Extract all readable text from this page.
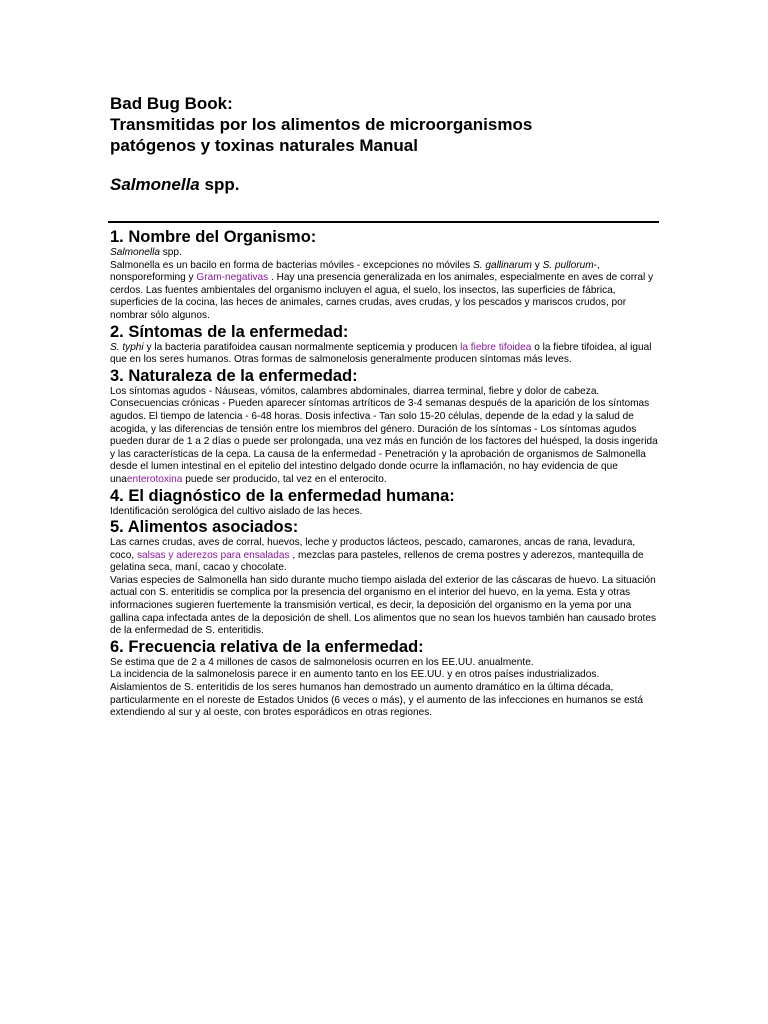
Bad Bug Book:
Transmitidas por los alimentos de microorganismos
patógenos y toxinas naturales Manual
Salmonella spp.
1. Nombre del Organismo:

Salmonella spp.

Salmonella es un bacilo en forma de bacterias móviles - excepciones no móviles S. gallinarum y S. pullorum-, nonsporeforming y Gram-negativas . Hay una presencia generalizada en los animales, especialmente en aves de corral y cerdos. Las fuentes ambientales del organismo incluyen el agua, el suelo, los insectos, las superficies de fábrica, superficies de la cocina, las heces de animales, carnes crudas, aves crudas, y los pescados y mariscos crudos, por nombrar sólo algunos.

2. Síntomas de la enfermedad:

S. typhi y la bacteria paratifoidea causan normalmente septicemia y producen la fiebre tifoidea o la fiebre tifoidea, al igual que en los seres humanos. Otras formas de salmonelosis generalmente producen síntomas más leves.

3. Naturaleza de la enfermedad:

Los síntomas agudos - Náuseas, vómitos, calambres abdominales, diarrea terminal, fiebre y dolor de cabeza. Consecuencias crónicas - Pueden aparecer síntomas artríticos de 3-4 semanas después de la aparición de los síntomas agudos. El tiempo de latencia - 6-48 horas. Dosis infectiva - Tan solo 15-20 células, depende de la edad y la salud de acogida, y las diferencias de tensión entre los miembros del género. Duración de los síntomas - Los síntomas agudos pueden durar de 1 a 2 días o puede ser prolongada, una vez más en función de los factores del huésped, la dosis ingerida y las características de la cepa. La causa de la enfermedad - Penetración y la aprobación de organismos de Salmonella desde el lumen intestinal en el epitelio del intestino delgado donde ocurre la inflamación, no hay evidencia de que unaenterotoxina puede ser producido, tal vez en el enterocito.

4. El diagnóstico de la enfermedad humana:

Identificación serológica del cultivo aislado de las heces.

5. Alimentos asociados:

Las carnes crudas, aves de corral, huevos, leche y productos lácteos, pescado, camarones, ancas de rana, levadura, coco, salsas y aderezos para ensaladas , mezclas para pasteles, rellenos de crema postres y aderezos, mantequilla de gelatina seca, maní, cacao y chocolate.

Varias especies de Salmonella han sido durante mucho tiempo aislada del exterior de las cáscaras de huevo. La situación actual con S. enteritidis se complica por la presencia del organismo en el interior del huevo, en la yema. Esta y otras informaciones sugieren fuertemente la transmisión vertical, es decir, la deposición del organismo en la yema por una gallina capa infectada antes de la deposición de shell. Los alimentos que no sean los huevos también han causado brotes de la enfermedad de S. enteritidis.

6. Frecuencia relativa de la enfermedad:

Se estima que de 2 a 4 millones de casos de salmonelosis ocurren en los EE.UU. anualmente.

La incidencia de la salmonelosis parece ir en aumento tanto en los EE.UU. y en otros países industrializados. Aislamientos de S. enteritidis de los seres humanos han demostrado un aumento dramático en la última década, particularmente en el noreste de Estados Unidos (6 veces o más), y el aumento de las infecciones en humanos se está extendiendo al sur y al oeste, con brotes esporádicos en otras regiones.
